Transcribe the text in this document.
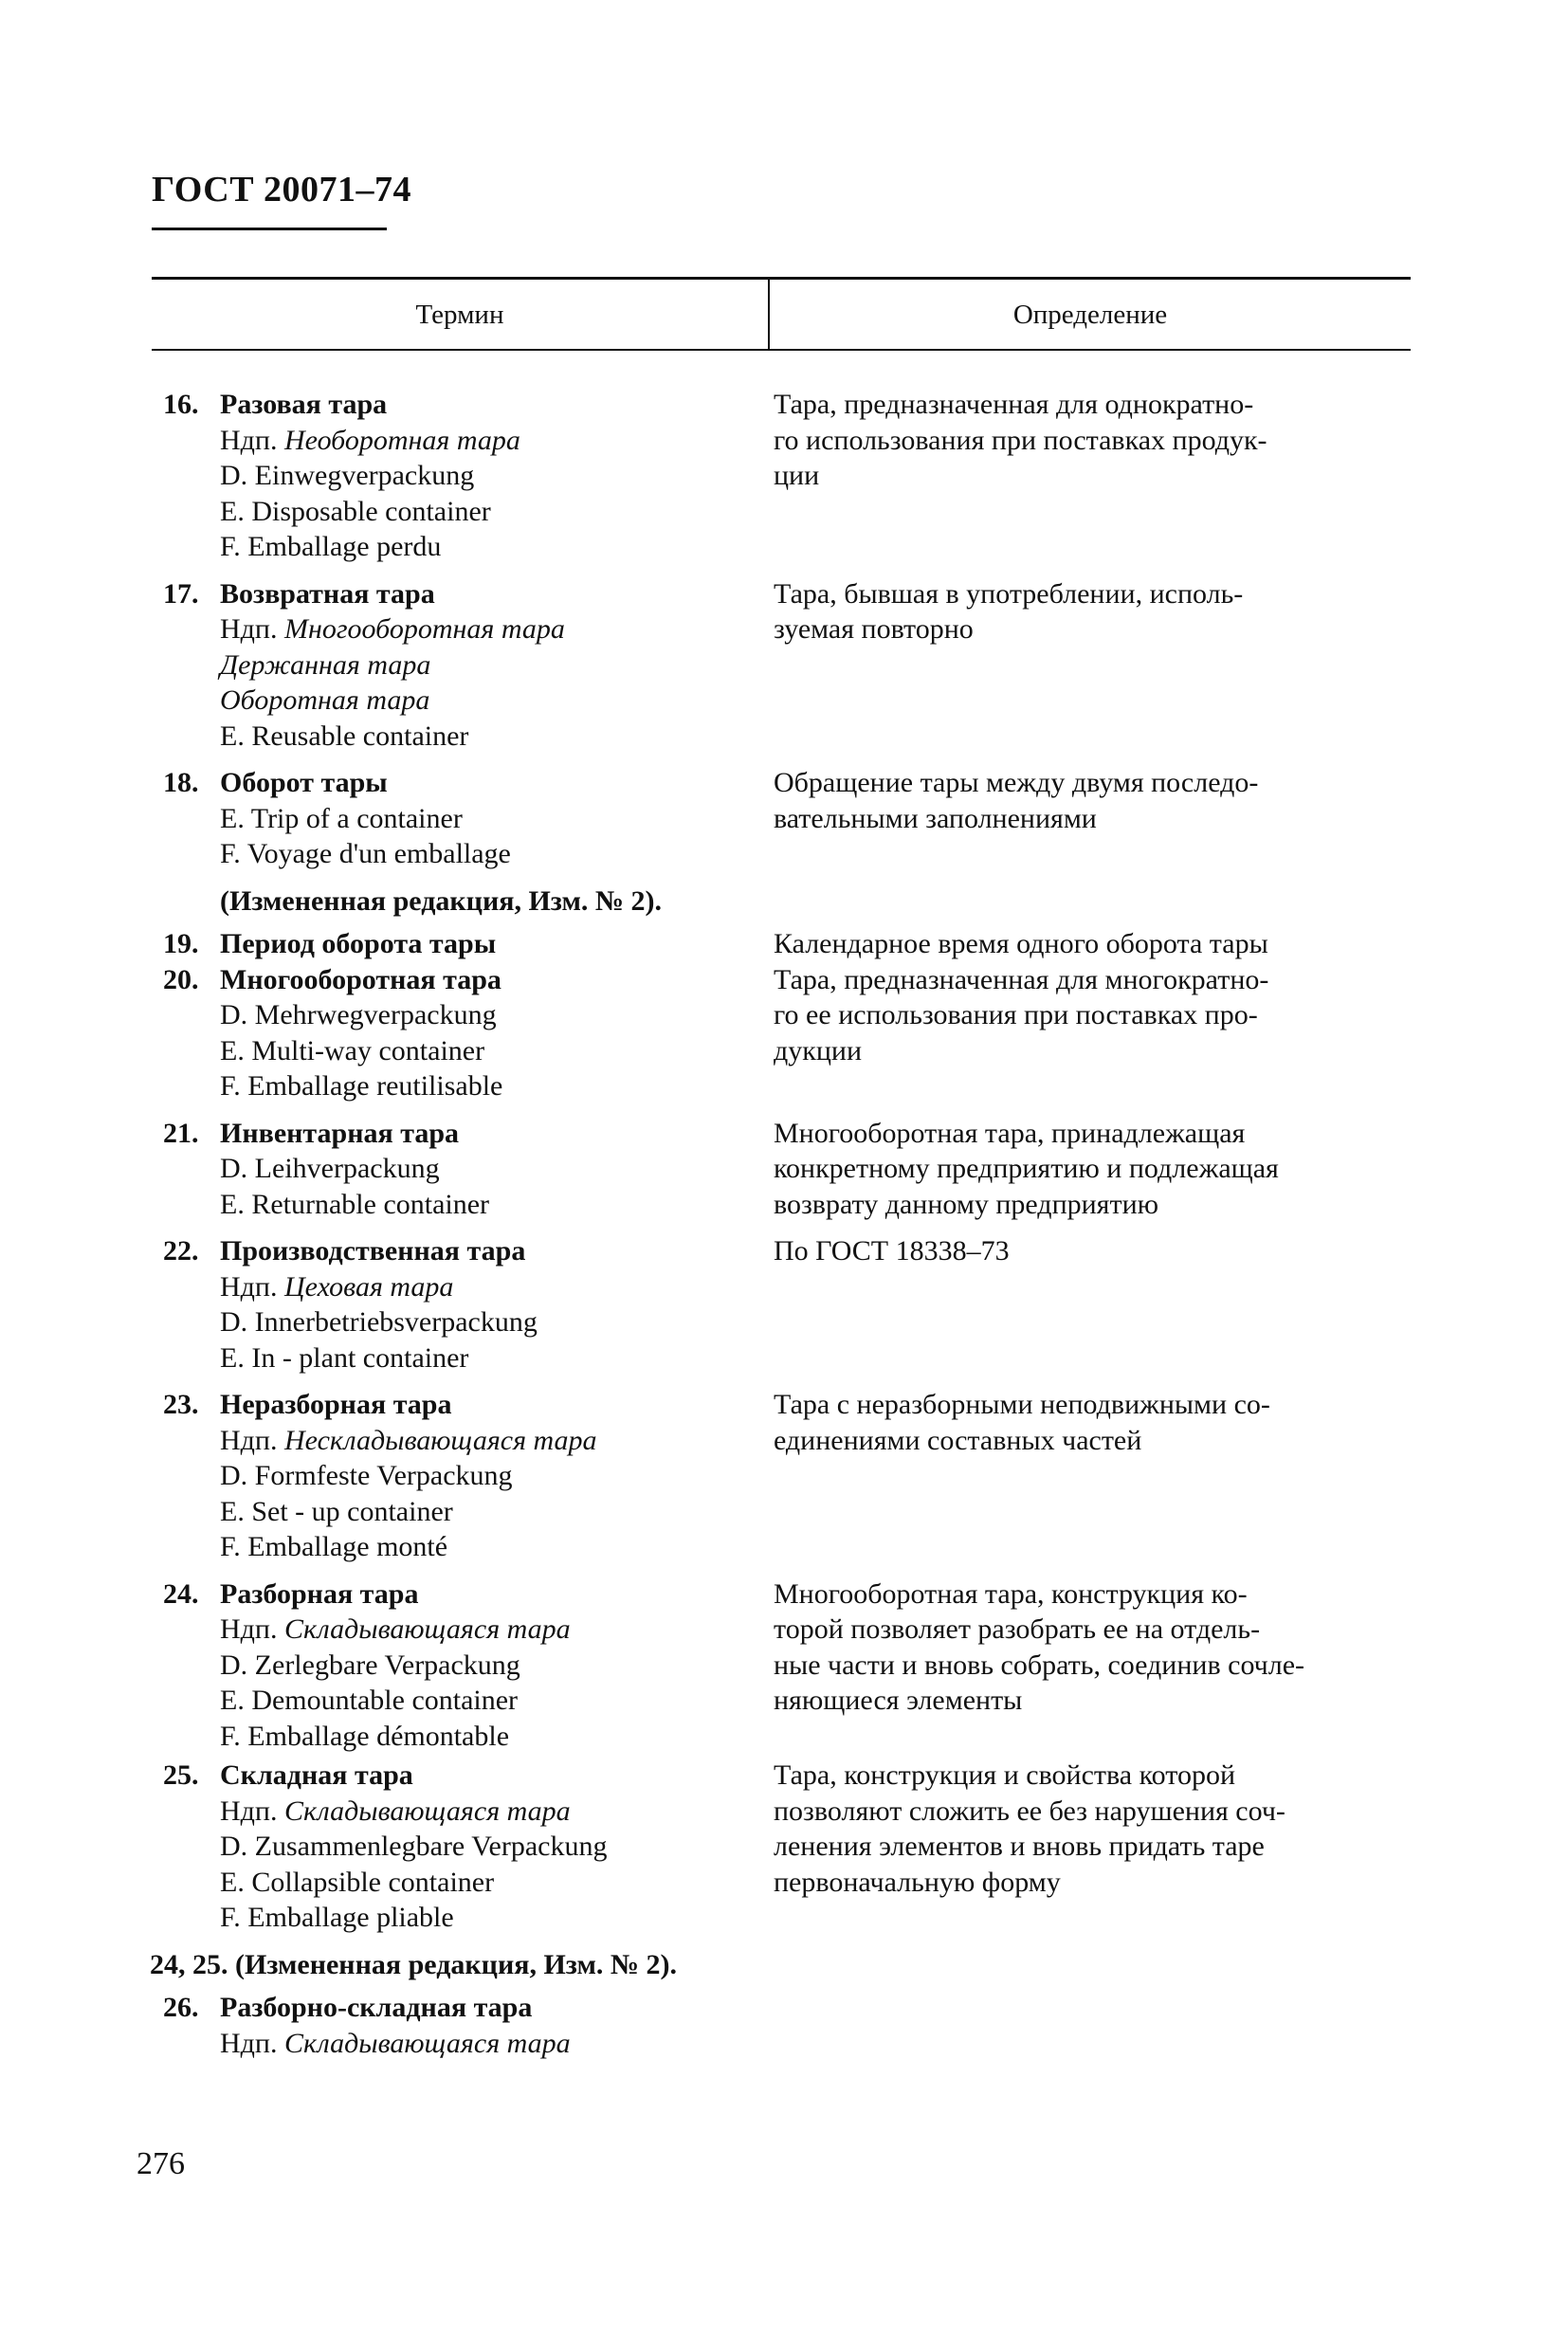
ГОСТ 20071–74
Термин	Определение
16. Разовая тара
Ндп. Необоротная тара
D. Einwegverpackung
E. Disposable container
F. Emballage perdu
Тара, предназначенная для однократно-
го использования при поставках продук-
ции
17. Возвратная тара
Ндп. Многооборотная тара
Держанная тара
Оборотная тара
E. Reusable container
Тара, бывшая в употреблении, исполь-
зуемая повторно
18. Оборот тары
E. Trip of a container
F. Voyage d'un emballage
Обращение тары между двумя последо-
вательными заполнениями
(Измененная редакция, Изм. № 2).
19. Период оборота тары	Календарное время одного оборота тары
20. Многооборотная тара
D. Mehrwegverpackung
E. Multi-way container
F. Emballage reutilisable
Тара, предназначенная для многократно-
го ее использования при поставках про-
дукции
21. Инвентарная тара
D. Leihverpackung
E. Returnable container
Многооборотная тара, принадлежащая
конкретному предприятию и подлежащая
возврату данному предприятию
22. Производственная тара
Ндп. Цеховая тара
D. Innerbetriebsverpackung
E. In - plant container
По ГОСТ 18338–73
23. Неразборная тара
Ндп. Нескладывающаяся тара
D. Formfeste Verpackung
E. Set - up container
F. Emballage monté
Тара с неразборными неподвижными со-
единениями составных частей
24. Разборная тара
Ндп. Складывающаяся тара
D. Zerlegbare Verpackung
E. Demountable container
F. Emballage démontable
Многооборотная тара, конструкция ко-
торой позволяет разобрать ее на отдель-
ные части и вновь собрать, соединив сочле-
няющиеся элементы
25. Складная тара
Ндп. Складывающаяся тара
D. Zusammenlegbare Verpackung
E. Collapsible container
F. Emballage pliable
Тара, конструкция и свойства которой
позволяют сложить ее без нарушения соч-
ленения элементов и вновь придать таре
первоначальную форму
24, 25. (Измененная редакция, Изм. № 2).
26. Разборно-складная тара
Ндп. Складывающаяся тара
276
